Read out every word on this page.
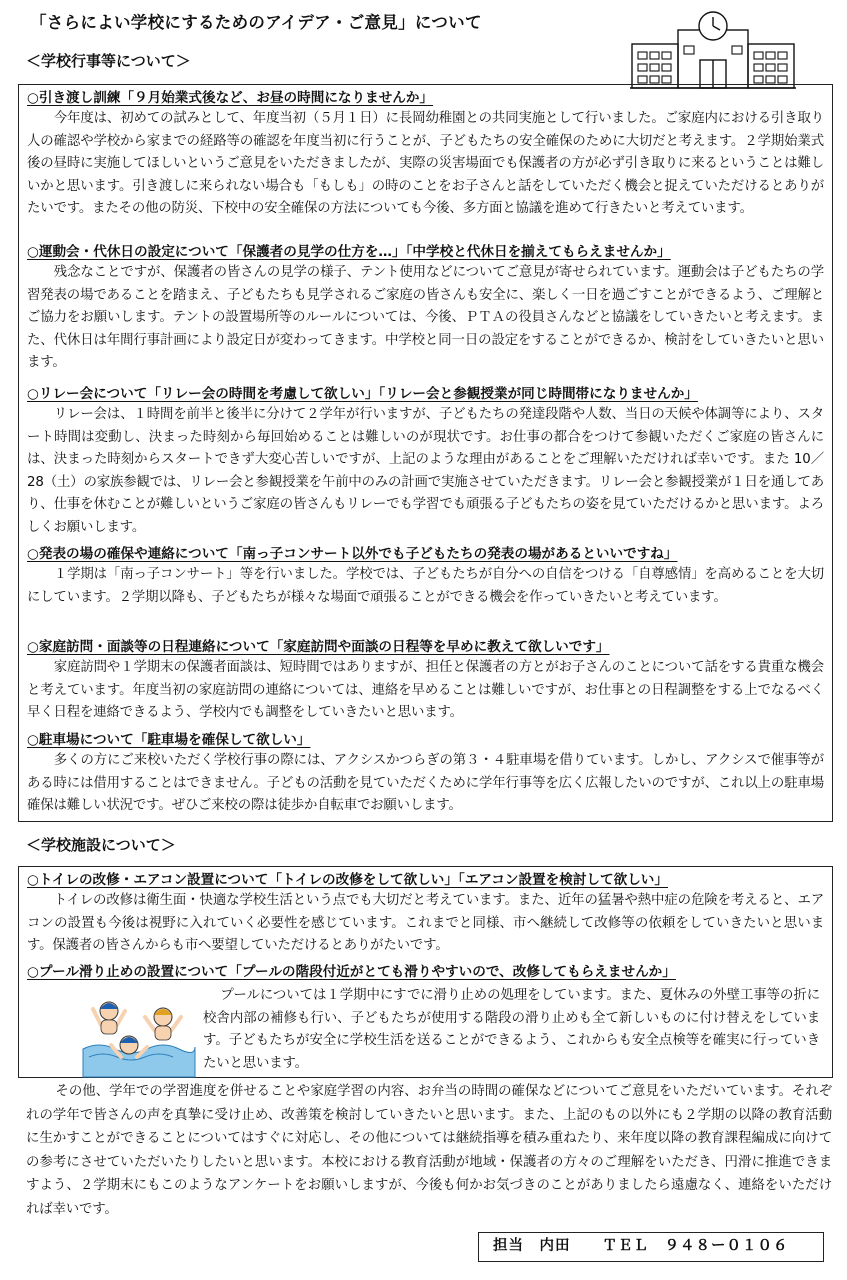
「さらによい学校にするためのアイデア・ご意見」について
＜学校行事等について＞
○引き渡し訓練「９月始業式後など、お昼の時間になりませんか」
今年度は、初めての試みとして、年度当初（５月１日）に長岡幼稚園との共同実施として行いました。ご家庭内における引き取り人の確認や学校から家までの経路等の確認を年度当初に行うことが、子どもたちの安全確保のために大切だと考えます。２学期始業式後の昼時に実施してほしいというご意見をいただきましたが、実際の災害場面でも保護者の方が必ず引き取りに来るということは難しいかと思います。引き渡しに来られない場合も「もしも」の時のことをお子さんと話をしていただく機会と捉えていただけるとありがたいです。またその他の防災、下校中の安全確保の方法についても今後、多方面と協議を進めて行きたいと考えています。
○運動会・代休日の設定について「保護者の見学の仕方を…」「中学校と代休日を揃えてもらえませんか」
残念なことですが、保護者の皆さんの見学の様子、テント使用などについてご意見が寄せられています。運動会は子どもたちの学習発表の場であることを踏まえ、子どもたちも見学されるご家庭の皆さんも安全に、楽しく一日を過ごすことができるよう、ご理解とご協力をお願いします。テントの設置場所等のルールについては、今後、ＰＴＡの役員さんなどと協議をしていきたいと考えます。また、代休日は年間行事計画により設定日が変わってきます。中学校と同一日の設定をすることができるか、検討をしていきたいと思います。
○リレー会について「リレー会の時間を考慮して欲しい」「リレー会と参観授業が同じ時間帯になりませんか」
リレー会は、１時間を前半と後半に分けて２学年が行いますが、子どもたちの発達段階や人数、当日の天候や体調等により、スタート時間は変動し、決まった時刻から毎回始めることは難しいのが現状です。お仕事の都合をつけて参観いただくご家庭の皆さんには、決まった時刻からスタートできず大変心苦しいですが、上記のような理由があることをご理解いただければ幸いです。また 10／28（土）の家族参観では、リレー会と参観授業を午前中のみの計画で実施させていただきます。リレー会と参観授業が１日を通してあり、仕事を休むことが難しいというご家庭の皆さんもリレーでも学習でも頑張る子どもたちの姿を見ていただけるかと思います。よろしくお願いします。
○発表の場の確保や連絡について「南っ子コンサート以外でも子どもたちの発表の場があるといいですね」
１学期は「南っ子コンサート」等を行いました。学校では、子どもたちが自分への自信をつける「自尊感情」を高めることを大切にしています。２学期以降も、子どもたちが様々な場面で頑張ることができる機会を作っていきたいと考えています。
○家庭訪問・面談等の日程連絡について「家庭訪問や面談の日程等を早めに教えて欲しいです」
家庭訪問や１学期末の保護者面談は、短時間ではありますが、担任と保護者の方とがお子さんのことについて話をする貴重な機会と考えています。年度当初の家庭訪問の連絡については、連絡を早めることは難しいですが、お仕事との日程調整をする上でなるべく早く日程を連絡できるよう、学校内でも調整をしていきたいと思います。
○駐車場について「駐車場を確保して欲しい」
多くの方にご来校いただく学校行事の際には、アクシスかつらぎの第３・４駐車場を借りています。しかし、アクシスで催事等がある時には借用することはできません。子どもの活動を見ていただくために学年行事等を広く広報したいのですが、これ以上の駐車場確保は難しい状況です。ぜひご来校の際は徒歩か自転車でお願いします。
＜学校施設について＞
○トイレの改修・エアコン設置について「トイレの改修をして欲しい」「エアコン設置を検討して欲しい」
トイレの改修は衛生面・快適な学校生活という点でも大切だと考えています。また、近年の猛暑や熱中症の危険を考えると、エアコンの設置も今後は視野に入れていく必要性を感じています。これまでと同様、市へ継続して改修等の依頼をしていきたいと思います。保護者の皆さんからも市へ要望していただけるとありがたいです。
○プール滑り止めの設置について「プールの階段付近がとても滑りやすいので、改修してもらえませんか」
プールについては１学期中にすでに滑り止めの処理をしています。また、夏休みの外壁工事等の折に校舎内部の補修も行い、子どもたちが使用する階段の滑り止めも全て新しいものに付け替えをしています。子どもたちが安全に学校生活を送ることができるよう、これからも安全点検等を確実に行っていきたいと思います。
その他、学年での学習進度を併せることや家庭学習の内容、お弁当の時間の確保などについてご意見をいただいています。それぞれの学年で皆さんの声を真摯に受け止め、改善策を検討していきたいと思います。また、上記のもの以外にも２学期の以降の教育活動に生かすことができることについてはすぐに対応し、その他については継続指導を積み重ねたり、来年度以降の教育課程編成に向けての参考にさせていただいたりしたいと思います。本校における教育活動が地域・保護者の方々のご理解をいただき、円滑に推進できますよう、２学期末にもこのようなアンケートをお願いしますが、今後も何かお気づきのことがありましたら遠慮なく、連絡をいただければ幸いです。
担当　内田 ＴＥＬ　９４８ー０１０６
